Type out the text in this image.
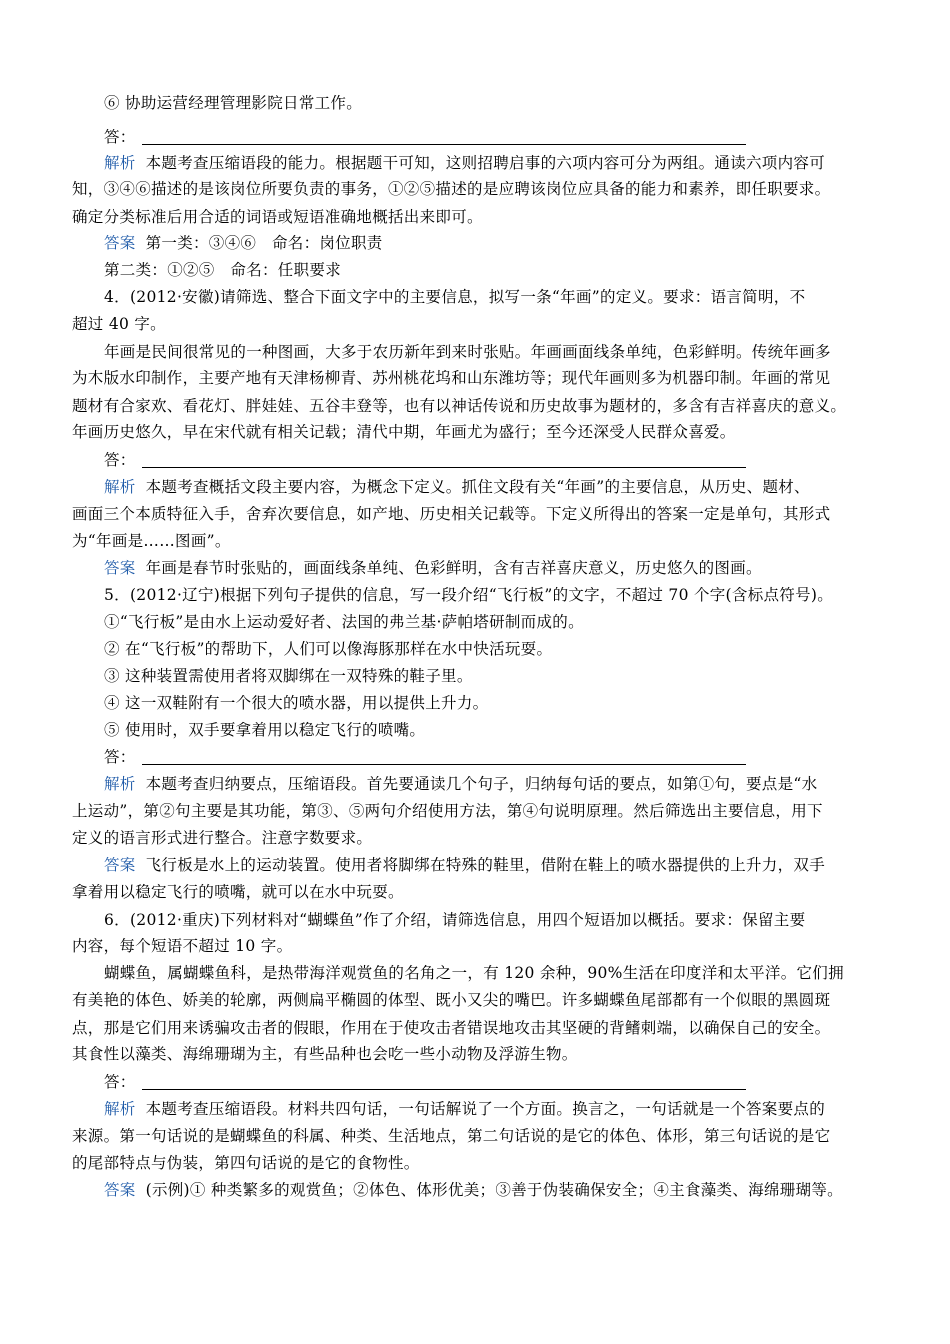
⑥ 协助运营经理管理影院日常工作。
答：
解析 本题考查压缩语段的能力。根据题干可知，这则招聘启事的六项内容可分为两组。通读六项内容可
知，③④⑥描述的是该岗位所要负责的事务，①②⑤描述的是应聘该岗位应具备的能力和素养，即任职要求。
确定分类标准后用合适的词语或短语准确地概括出来即可。
答案 第一类：③④⑥　命名：岗位职责
第二类：①②⑤　命名：任职要求
4．(2012·安徽)请筛选、整合下面文字中的主要信息，拟写一条“年画”的定义。要求：语言简明，不
超过 40 字。
年画是民间很常见的一种图画，大多于农历新年到来时张贴。年画画面线条单纯，色彩鲜明。传统年画多
为木版水印制作，主要产地有天津杨柳青、苏州桃花坞和山东潍坊等；现代年画则多为机器印制。年画的常见
题材有合家欢、看花灯、胖娃娃、五谷丰登等，也有以神话传说和历史故事为题材的，多含有吉祥喜庆的意义。
年画历史悠久，早在宋代就有相关记载；清代中期，年画尤为盛行；至今还深受人民群众喜爱。
答：
解析 本题考查概括文段主要内容，为概念下定义。抓住文段有关“年画”的主要信息，从历史、题材、
画面三个本质特征入手，舍弃次要信息，如产地、历史相关记载等。下定义所得出的答案一定是单句，其形式
为“年画是……图画”。
答案 年画是春节时张贴的，画面线条单纯、色彩鲜明，含有吉祥喜庆意义，历史悠久的图画。
5．(2012·辽宁)根据下列句子提供的信息，写一段介绍“飞行板”的文字，不超过 70 个字(含标点符号)。
①“飞行板”是由水上运动爱好者、法国的弗兰基·萨帕塔研制而成的。
② 在“飞行板”的帮助下，人们可以像海豚那样在水中快活玩耍。
③ 这种装置需使用者将双脚绑在一双特殊的鞋子里。
④ 这一双鞋附有一个很大的喷水器，用以提供上升力。
⑤ 使用时，双手要拿着用以稳定飞行的喷嘴。
答：
解析 本题考查归纳要点，压缩语段。首先要通读几个句子，归纳每句话的要点，如第①句，要点是“水
上运动”，第②句主要是其功能，第③、⑤两句介绍使用方法，第④句说明原理。然后筛选出主要信息，用下
定义的语言形式进行整合。注意字数要求。
答案 飞行板是水上的运动装置。使用者将脚绑在特殊的鞋里，借附在鞋上的喷水器提供的上升力，双手
拿着用以稳定飞行的喷嘴，就可以在水中玩耍。
6．(2012·重庆)下列材料对“蝴蝶鱼”作了介绍，请筛选信息，用四个短语加以概括。要求：保留主要
内容，每个短语不超过 10 字。
蝴蝶鱼，属蝴蝶鱼科，是热带海洋观赏鱼的名角之一，有 120 余种，90%生活在印度洋和太平洋。它们拥
有美艳的体色、娇美的轮廓，两侧扁平椭圆的体型、既小又尖的嘴巴。许多蝴蝶鱼尾部都有一个似眼的黑圆斑
点，那是它们用来诱骗攻击者的假眼，作用在于使攻击者错误地攻击其坚硬的背鳍刺端，以确保自己的安全。
其食性以藻类、海绵珊瑚为主，有些品种也会吃一些小动物及浮游生物。
答：
解析 本题考查压缩语段。材料共四句话，一句话解说了一个方面。换言之，一句话就是一个答案要点的
来源。第一句话说的是蝴蝶鱼的科属、种类、生活地点，第二句话说的是它的体色、体形，第三句话说的是它
的尾部特点与伪装，第四句话说的是它的食物性。
答案 (示例)① 种类繁多的观赏鱼；②体色、体形优美；③善于伪装确保安全；④主食藻类、海绵珊瑚等。
